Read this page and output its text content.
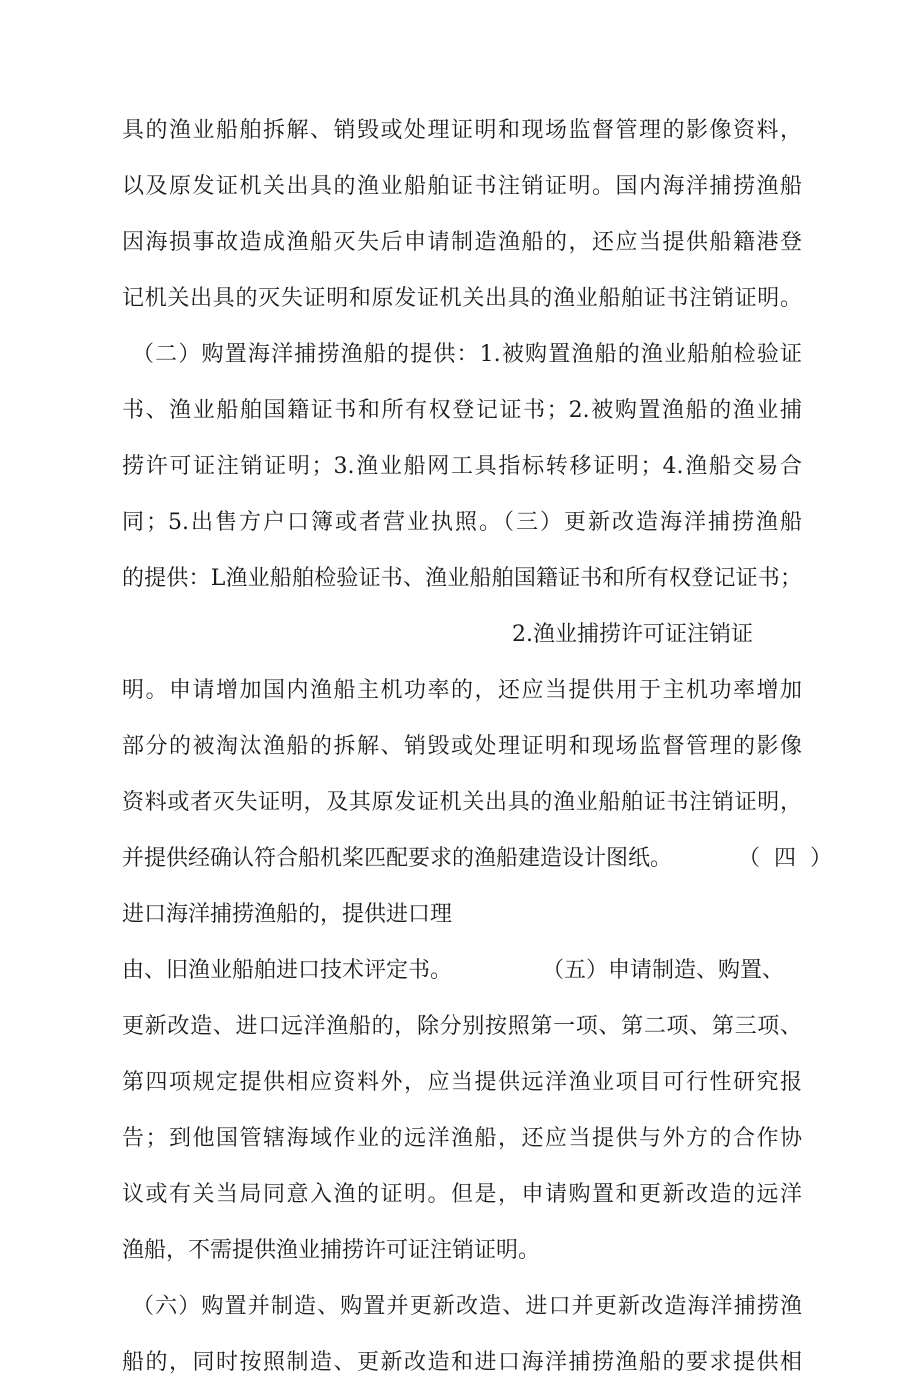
具的渔业船舶拆解、销毁或处理证明和现场监督管理的影像资料，
以及原发证机关出具的渔业船舶证书注销证明。国内海洋捕捞渔船
因海损事故造成渔船灭失后申请制造渔船的，还应当提供船籍港登
记机关出具的灭失证明和原发证机关出具的渔业船舶证书注销证明。
（二）购置海洋捕捞渔船的提供：1.被购置渔船的渔业船舶检验证
书、渔业船舶国籍证书和所有权登记证书；2.被购置渔船的渔业捕
捞许可证注销证明；3.渔业船网工具指标转移证明；4.渔船交易合
同；5.出售方户口簿或者营业执照。（三）更新改造海洋捕捞渔船
的提供：L渔业船舶检验证书、渔业船舶国籍证书和所有权登记证书；
2.渔业捕捞许可证注销证
明。申请增加国内渔船主机功率的，还应当提供用于主机功率增加
部分的被淘汰渔船的拆解、销毁或处理证明和现场监督管理的影像
资料或者灭失证明，及其原发证机关出具的渔业船舶证书注销证明，
并提供经确认符合船机桨匹配要求的渔船建造设计图纸。	（四）
进口海洋捕捞渔船的，提供进口理
由、旧渔业船舶进口技术评定书。	（五）申请制造、购置、
更新改造、进口远洋渔船的，除分别按照第一项、第二项、第三项、
第四项规定提供相应资料外，应当提供远洋渔业项目可行性研究报
告；到他国管辖海域作业的远洋渔船，还应当提供与外方的合作协
议或有关当局同意入渔的证明。但是，申请购置和更新改造的远洋
渔船，不需提供渔业捕捞许可证注销证明。
（六）购置并制造、购置并更新改造、进口并更新改造海洋捕捞渔
船的，同时按照制造、更新改造和进口海洋捕捞渔船的要求提供相
